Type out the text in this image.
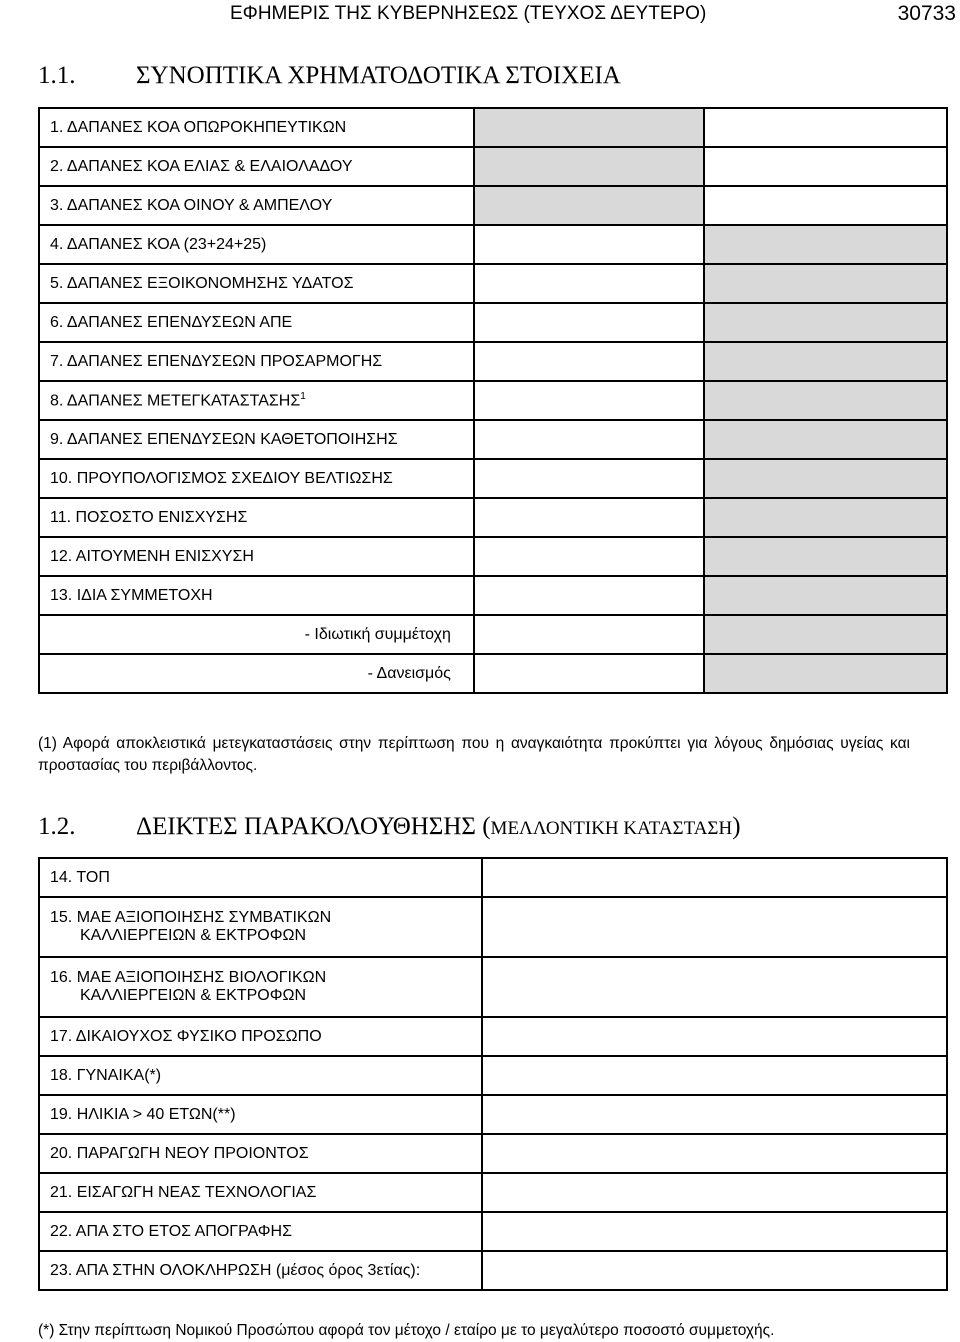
ΕΦΗΜΕΡΙΣ ΤΗΣ ΚΥΒΕΡΝΗΣΕΩΣ (ΤΕΥΧΟΣ ΔΕΥΤΕΡΟ)	30733
1.1. ΣΥΝΟΠΤΙΚΑ ΧΡΗΜΑΤΟΔΟΤΙΚΑ ΣΤΟΙΧΕΙΑ
1. ΔΑΠΑΝΕΣ ΚΟΑ ΟΠΩΡΟΚΗΠΕΥΤΙΚΩΝ		
2. ΔΑΠΑΝΕΣ ΚΟΑ ΕΛΙΑΣ & ΕΛΑΙΟΛΑΔΟΥ		
3. ΔΑΠΑΝΕΣ ΚΟΑ ΟΙΝΟΥ & ΑΜΠΕΛΟΥ		
4. ΔΑΠΑΝΕΣ ΚΟΑ (23+24+25)		
5. ΔΑΠΑΝΕΣ ΕΞΟΙΚΟΝΟΜΗΣΗΣ ΥΔΑΤΟΣ		
6. ΔΑΠΑΝΕΣ ΕΠΕΝΔΥΣΕΩΝ ΑΠΕ		
7. ΔΑΠΑΝΕΣ ΕΠΕΝΔΥΣΕΩΝ ΠΡΟΣΑΡΜΟΓΗΣ		
8. ΔΑΠΑΝΕΣ ΜΕΤΕΓΚΑΤΑΣΤΑΣΗΣ$^1$		
9. ΔΑΠΑΝΕΣ ΕΠΕΝΔΥΣΕΩΝ ΚΑΘΕΤΟΠΟΙΗΣΗΣ		
10. ΠΡΟΥΠΟΛΟΓΙΣΜΟΣ ΣΧΕΔΙΟΥ ΒΕΛΤΙΩΣΗΣ		
11. ΠΟΣΟΣΤΟ ΕΝΙΣΧΥΣΗΣ		
12. ΑΙΤΟΥΜΕΝΗ ΕΝΙΣΧΥΣΗ		
13. ΙΔΙΑ ΣΥΜΜΕΤΟΧΗ		
- Ιδιωτική συμμέτοχη		
- Δανεισμός		
(1) Αφορά αποκλειστικά μετεγκαταστάσεις στην περίπτωση που η αναγκαιότητα προκύπτει για λόγους δημόσιας υγείας και προστασίας του περιβάλλοντος.
1.2. ΔΕΙΚΤΕΣ ΠΑΡΑΚΟΛΟΥΘΗΣΗΣ (ΜΕΛΛΟΝΤΙΚΗ ΚΑΤΑΣΤΑΣΗ)
14. ΤΟΠ	
15. ΜΑΕ ΑΞΙΟΠΟΙΗΣΗΣ ΣΥΜΒΑΤΙΚΩΝ
ΚΑΛΛΙΕΡΓΕΙΩΝ & ΕΚΤΡΟΦΩΝ	

16. ΜΑΕ ΑΞΙΟΠΟΙΗΣΗΣ ΒΙΟΛΟΓΙΚΩΝ
ΚΑΛΛΙΕΡΓΕΙΩΝ & ΕΚΤΡΟΦΩΝ	

17. ΔΙΚΑΙΟΥΧΟΣ ΦΥΣΙΚΟ ΠΡΟΣΩΠΟ	
18. ΓΥΝΑΙΚΑ(*)	
19. ΗΛΙΚΙΑ > 40 ΕΤΩΝ(**)	
20. ΠΑΡΑΓΩΓΗ ΝΕΟΥ ΠΡΟΙΟΝΤΟΣ	
21. ΕΙΣΑΓΩΓΗ ΝΕΑΣ ΤΕΧΝΟΛΟΓΙΑΣ	
22. ΑΠΑ ΣΤΟ ΕΤΟΣ ΑΠΟΓΡΑΦΗΣ	
23. ΑΠΑ ΣΤΗΝ ΟΛΟΚΛΗΡΩΣΗ (μέσος όρος 3ετίας):	
(*) Στην περίπτωση Νομικού Προσώπου αφορά τον μέτοχο / εταίρο με το μεγαλύτερο ποσοστό συμμετοχής.
